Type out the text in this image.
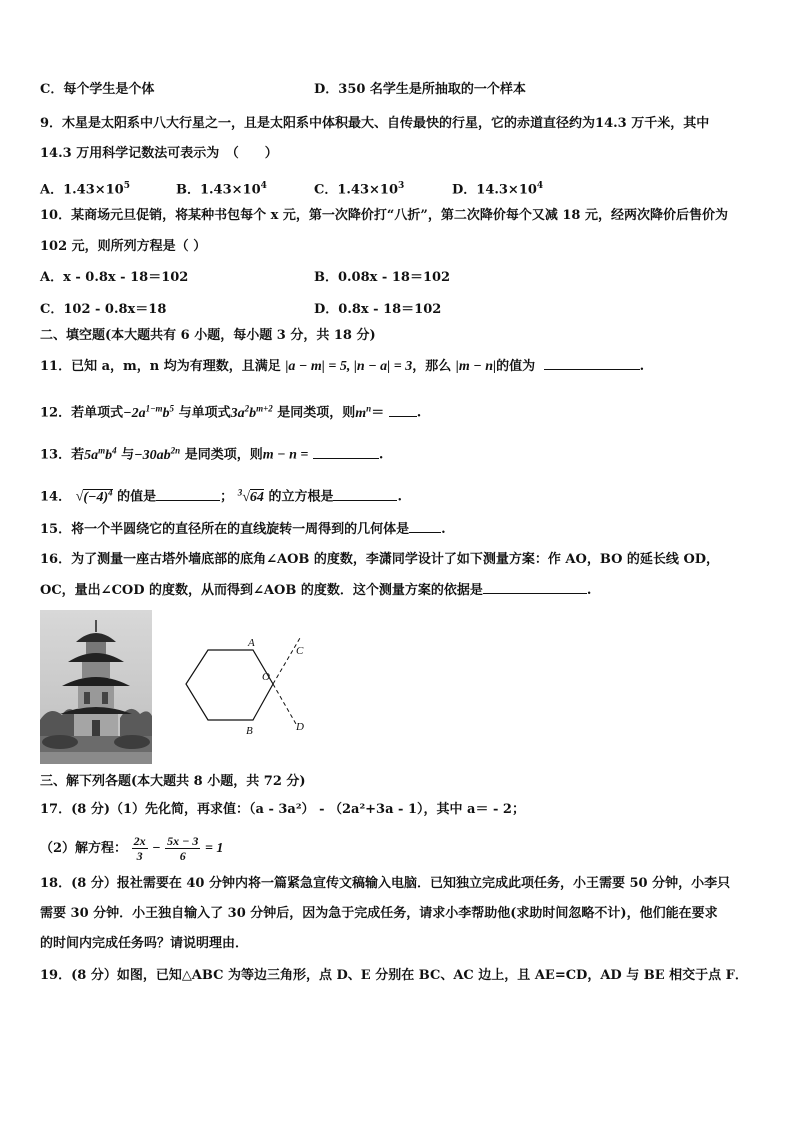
C．每个学生是个体	D．350 名学生是所抽取的一个样本
9．木星是太阳系中八大行星之一，且是太阳系中体积最大、自传最快的行星，它的赤道直径约为14.3 万千米，其中
14.3 万用科学记数法可表示为　（　　）
A．$1.43\times 10^5$	B．$1.43\times 10^4$	C．$1.43\times 10^3$	D．$14.3\times 10^4$
10．某商场元旦促销，将某种书包每个 x 元，第一次降价打“八折”，第二次降价每个又减 18 元，经两次降价后售价为
102 元，则所列方程是（ ）
A．x - 0.8x - 18＝102	B．0.08x - 18＝102
C．102 - 0.8x＝18	D．0.8x - 18＝102
二、填空题(本大题共有 6 小题，每小题 3 分，共 18 分)
11．已知 a，m，n 均为有理数，且满足 |a − m| = 5, |n − a| = 3，那么 |m − n|的值为	.
12．若单项式$-2a^{1-m}b^5$ 与单项式$3a^2b^{m+2}$ 是同类项，则$m^n=$	.
13．若$5a^mb^4$ 与$-30ab^{2n}$ 是同类项，则m − n =	.
14． $√(-4)^4$ 的值是	； $^3$√64 的立方根是	.
15．将一个半圆绕它的直径所在的直线旋转一周得到的几何体是 .
16．为了测量一座古塔外墙底部的底角∠AOB 的度数，李潇同学设计了如下测量方案：作 AO，BO 的延长线 OD，
OC，量出∠COD 的度数，从而得到∠AOB 的度数．这个测量方案的依据是	.
A
B
O
C
D
三、解下列各题(本大题共 8 小题，共 72 分)
17．(8 分)（1）先化简，再求值：（a - 3a²） - （2a²+3a - 1），其中 a＝ - 2；
（2）解方程： $\frac{2x}{3} - \frac{5x - 3}{6} = 1$
18．(8 分）报社需要在 40 分钟内将一篇紧急宣传文稿输入电脑．已知独立完成此项任务，小王需要 50 分钟，小李只
需要 30 分钟．小王独自输入了 30 分钟后，因为急于完成任务，请求小李帮助他(求助时间忽略不计)，他们能在要求
的时间内完成任务吗？请说明理由．
19．(8 分）如图，已知△ABC 为等边三角形，点 D、E 分别在 BC、AC 边上，且 AE=CD，AD 与 BE 相交于点 F．
